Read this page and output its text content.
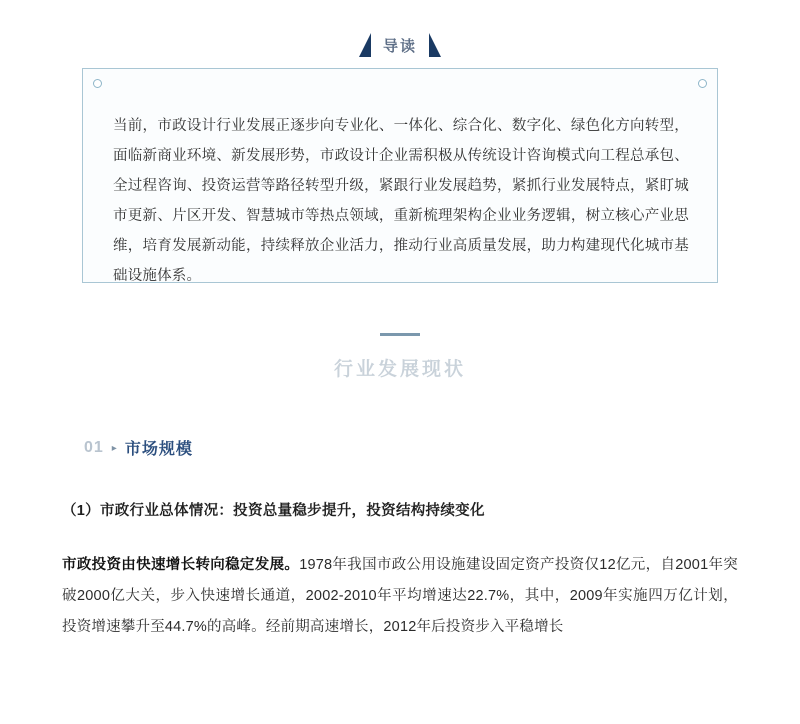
导读
当前，市政设计行业发展正逐步向专业化、一体化、综合化、数字化、绿色化方向转型，面临新商业环境、新发展形势，市政设计企业需积极从传统设计咨询模式向工程总承包、全过程咨询、投资运营等路径转型升级，紧跟行业发展趋势，紧抓行业发展特点，紧盯城市更新、片区开发、智慧城市等热点领域，重新梳理架构企业业务逻辑，树立核心产业思维，培育发展新动能，持续释放企业活力，推动行业高质量发展，助力构建现代化城市基础设施体系。
行业发展现状
01 ▸ 市场规模
（1）市政行业总体情况：投资总量稳步提升，投资结构持续变化

市政投资由快速增长转向稳定发展。1978年我国市政公用设施建设固定资产投资仅12亿元，自2001年突破2000亿大关，步入快速增长通道，2002-2010年平均增速达22.7%，其中，2009年实施四万亿计划，投资增速攀升至44.7%的高峰。经前期高速增长，2012年后投资步入平稳增长
